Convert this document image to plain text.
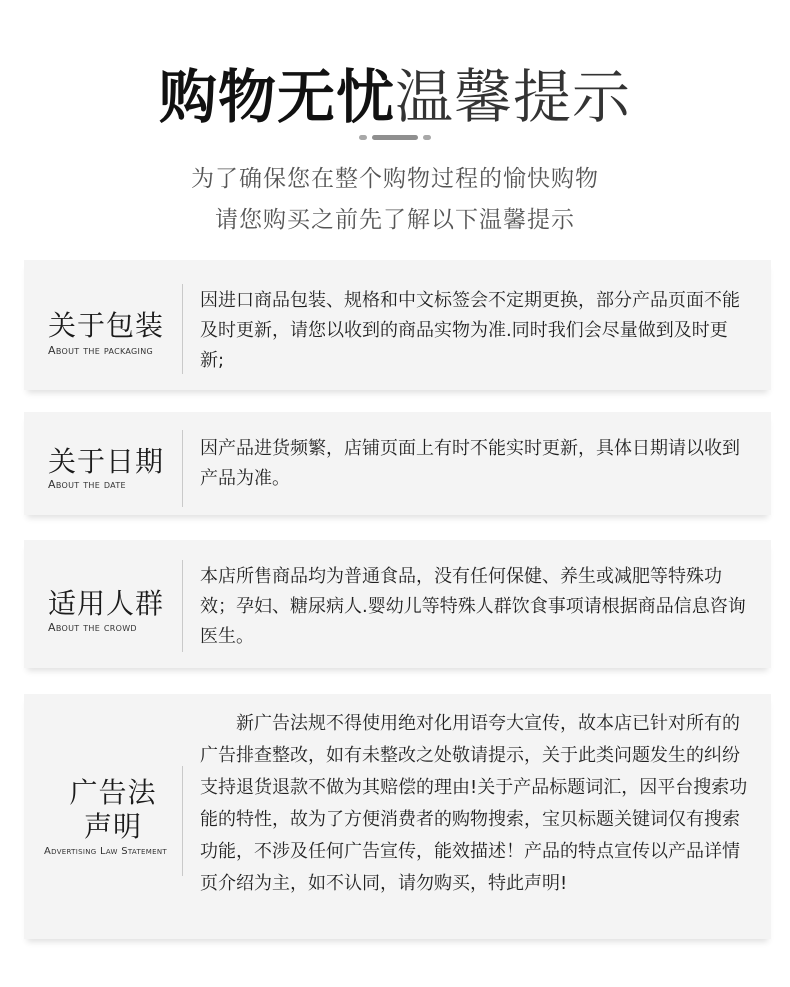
购物无忧温馨提示
为了确保您在整个购物过程的愉快购物
请您购买之前先了解以下温馨提示
关于包装
About the packaging
因进口商品包装、规格和中文标签会不定期更换，部分产品页面不能及时更新，请您以收到的商品实物为准.同时我们会尽量做到及时更新;
关于日期
About the date
因产品进货频繁，店铺页面上有时不能实时更新，具体日期请以收到产品为准。
适用人群
About the crowd
本店所售商品均为普通食品，没有任何保健、养生或减肥等特殊功效；孕妇、糖尿病人.婴幼儿等特殊人群饮食事项请根据商品信息咨询医生。
广告法声明
Advertising Law Statement
新广告法规不得使用绝对化用语夸大宣传，故本店已针对所有的广告排查整改，如有未整改之处敬请提示，关于此类问题发生的纠纷支持退货退款不做为其赔偿的理由!关于产品标题词汇，因平台搜索功能的特性，故为了方便消费者的购物搜索，宝贝标题关键词仅有搜索功能，不涉及任何广告宣传，能效描述！产品的特点宣传以产品详情页介绍为主，如不认同，请勿购买，特此声明!
